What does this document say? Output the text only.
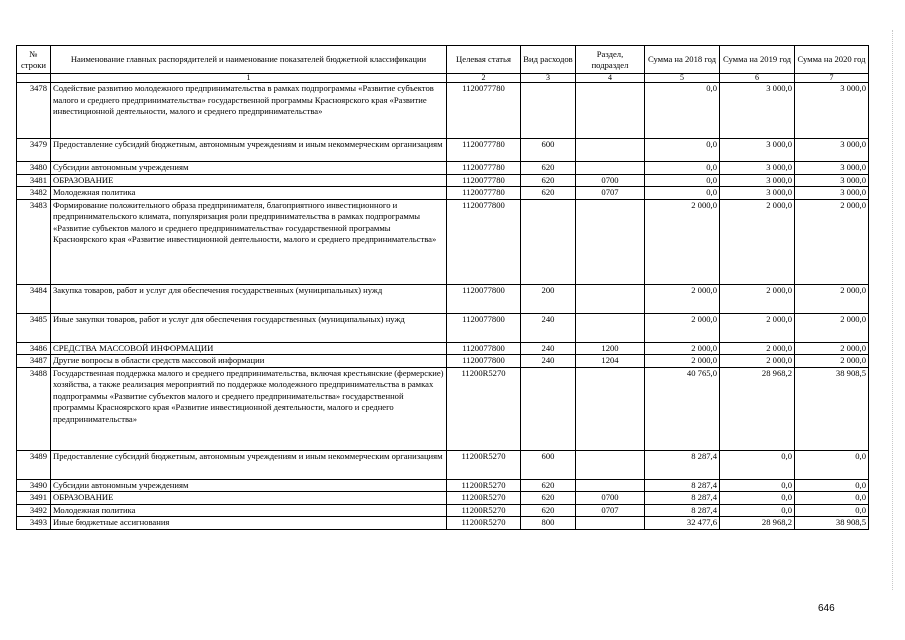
№ строки	Наименование главных распорядителей и наименование показателей бюджетной классификации	Целевая статья	Вид расходов	Раздел, подраздел	Сумма на 2018 год	Сумма на 2019 год	Сумма на 2020 год
	1	2	3	4	5	6	7
3478	Содействие развитию молодежного предпринимательства в рамках подпрограммы «Развитие субъектов малого и среднего предпринимательства» государственной программы Красноярского края «Развитие инвестиционной деятельности, малого и среднего предпринимательства»	1120077780			0,0	3 000,0	3 000,0
3479	Предоставление субсидий бюджетным, автономным учреждениям и иным некоммерческим организациям	1120077780	600		0,0	3 000,0	3 000,0
3480	Субсидии автономным учреждениям	1120077780	620		0,0	3 000,0	3 000,0
3481	ОБРАЗОВАНИЕ	1120077780	620	0700	0,0	3 000,0	3 000,0
3482	Молодежная политика	1120077780	620	0707	0,0	3 000,0	3 000,0
3483	Формирование положительного образа предпринимателя, благоприятного инвестиционного и предпринимательского климата, популяризация роли предпринимательства в рамках подпрограммы «Развитие субъектов малого и среднего предпринимательства» государственной программы Красноярского края «Развитие инвестиционной деятельности, малого и среднего предпринимательства»	1120077800			2 000,0	2 000,0	2 000,0
3484	Закупка товаров, работ и услуг для обеспечения государственных (муниципальных) нужд	1120077800	200		2 000,0	2 000,0	2 000,0
3485	Иные закупки товаров, работ и услуг для обеспечения государственных (муниципальных) нужд	1120077800	240		2 000,0	2 000,0	2 000,0
3486	СРЕДСТВА МАССОВОЙ ИНФОРМАЦИИ	1120077800	240	1200	2 000,0	2 000,0	2 000,0
3487	Другие вопросы в области средств массовой информации	1120077800	240	1204	2 000,0	2 000,0	2 000,0
3488	Государственная поддержка малого и среднего предпринимательства, включая крестьянские (фермерские) хозяйства, а также реализация мероприятий по поддержке молодежного предпринимательства в рамках подпрограммы «Развитие субъектов малого и среднего предпринимательства» государственной программы Красноярского края «Развитие инвестиционной деятельности, малого и среднего предпринимательства»	11200R5270			40 765,0	28 968,2	38 908,5
3489	Предоставление субсидий бюджетным, автономным учреждениям и иным некоммерческим организациям	11200R5270	600		8 287,4	0,0	0,0
3490	Субсидии автономным учреждениям	11200R5270	620		8 287,4	0,0	0,0
3491	ОБРАЗОВАНИЕ	11200R5270	620	0700	8 287,4	0,0	0,0
3492	Молодежная политика	11200R5270	620	0707	8 287,4	0,0	0,0
3493	Иные бюджетные ассигнования	11200R5270	800		32 477,6	28 968,2	38 908,5
646
